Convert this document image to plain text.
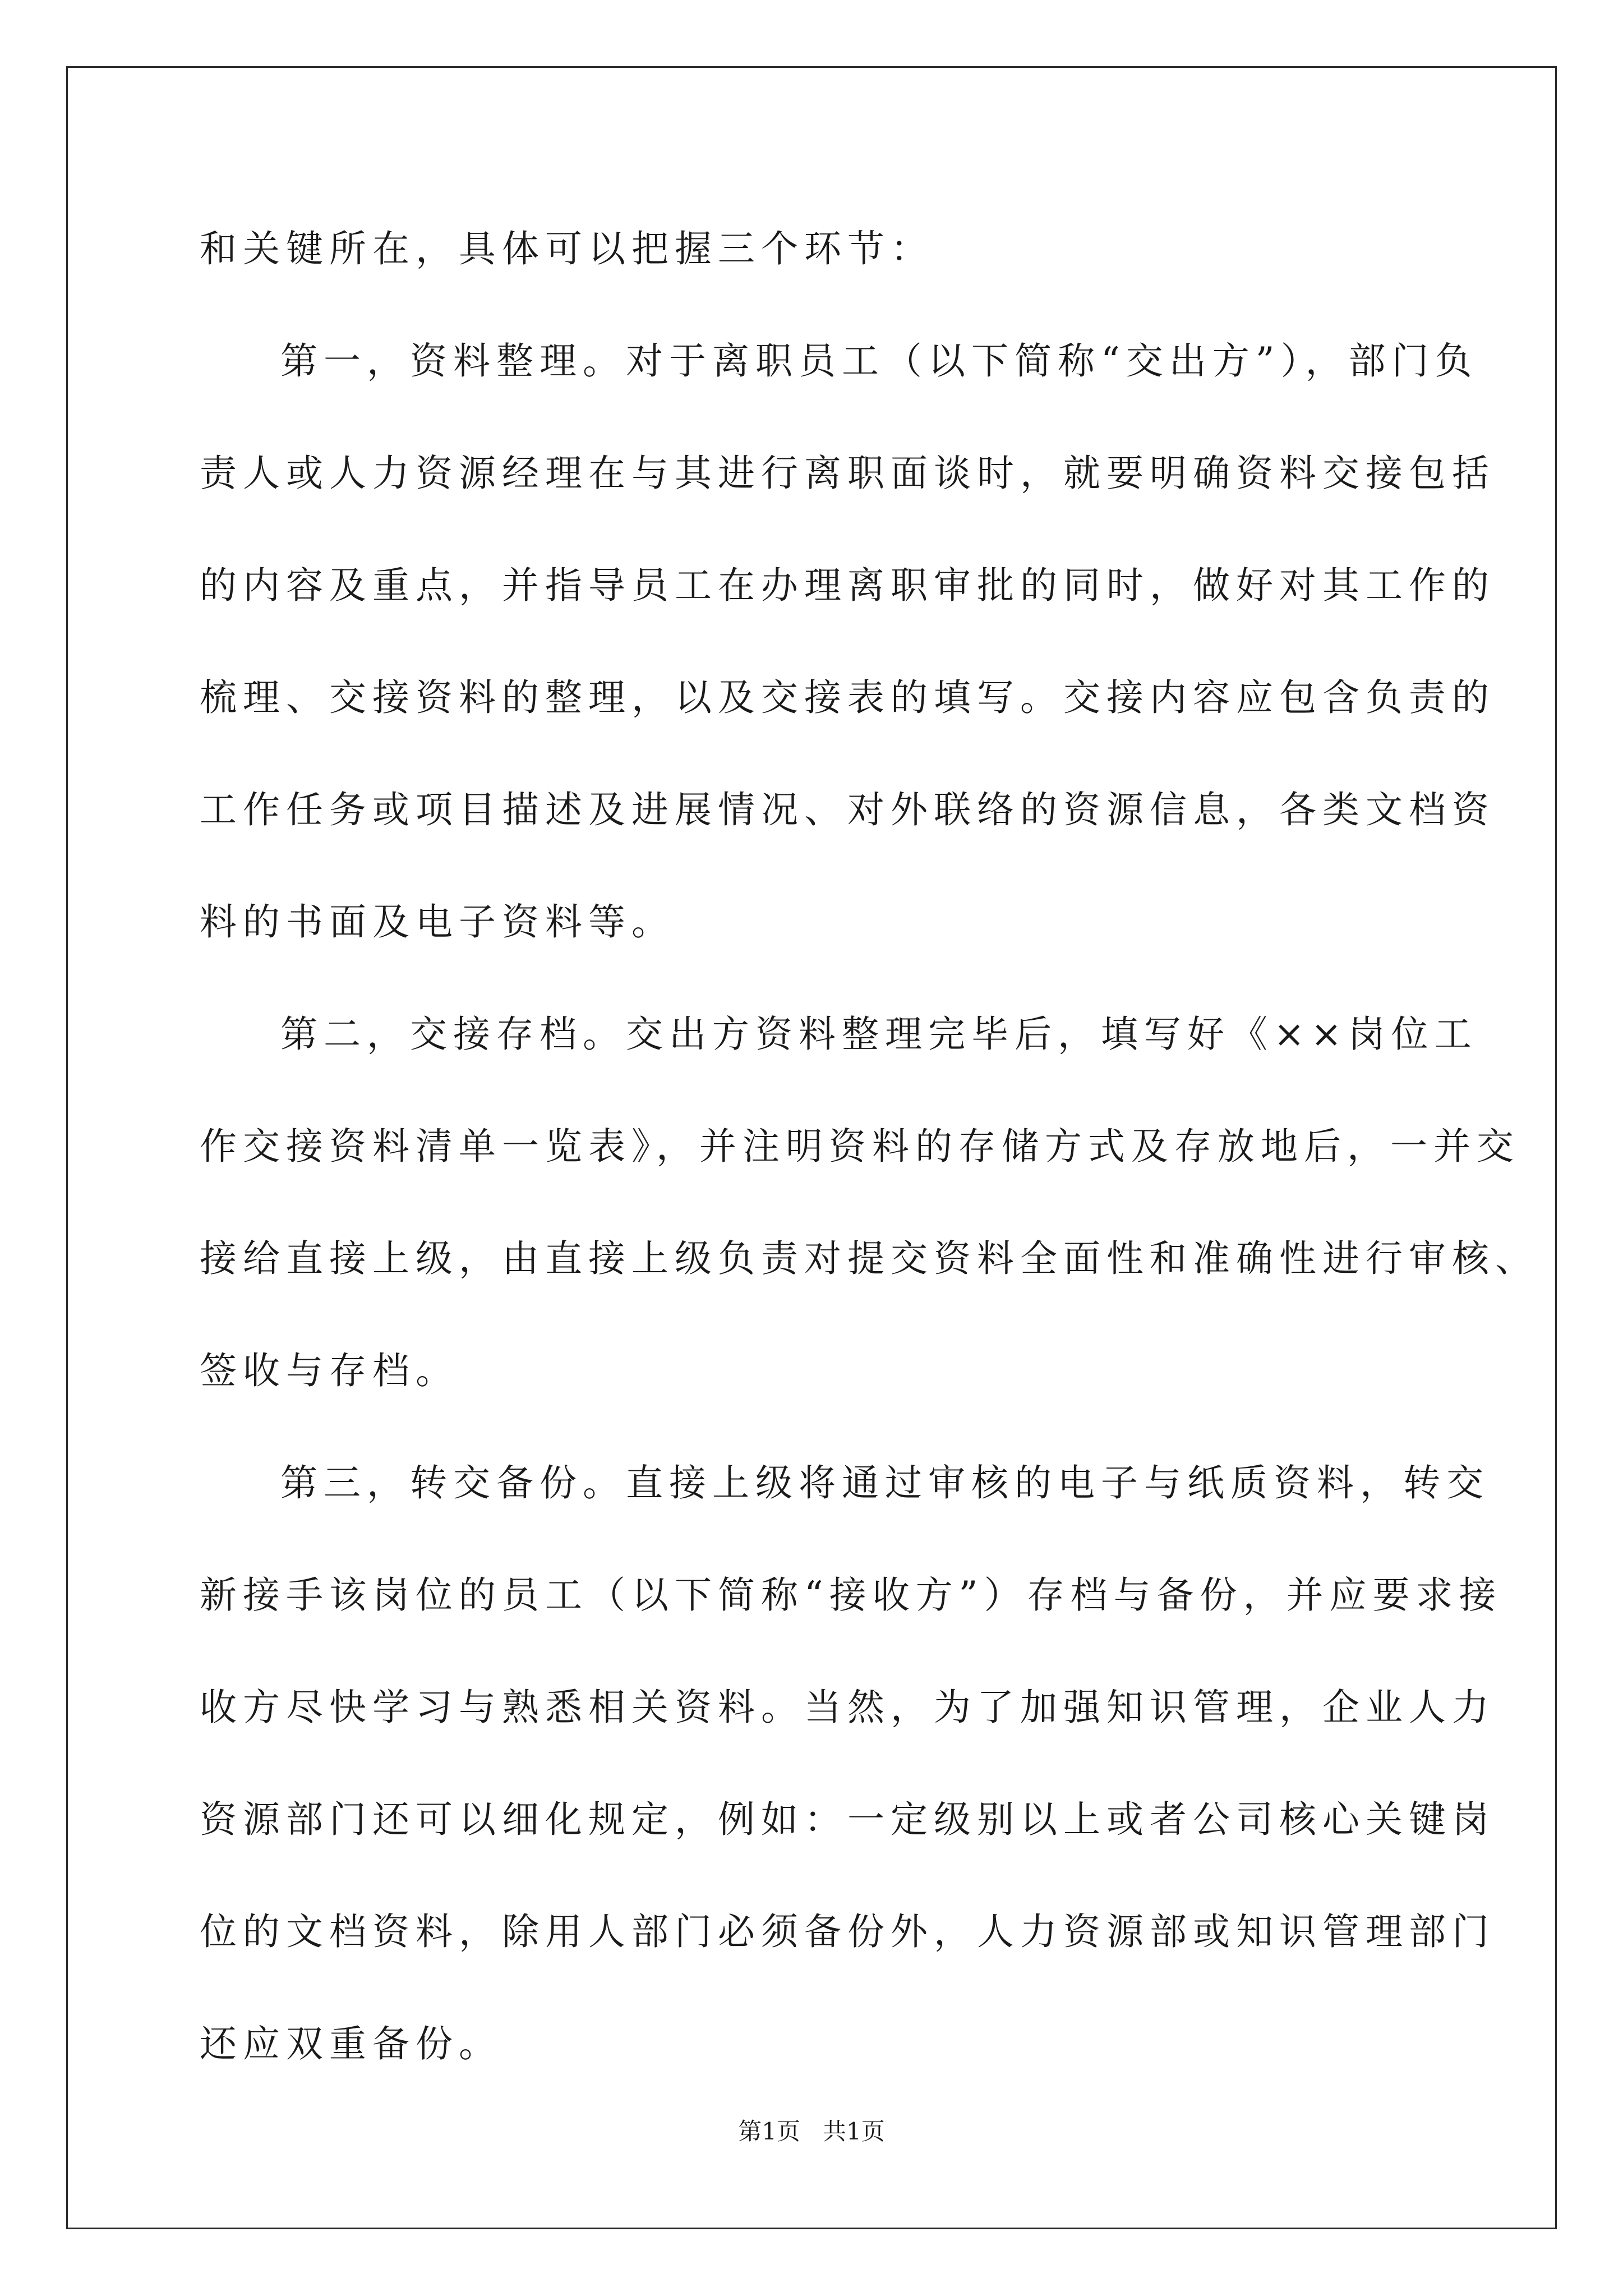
和关键所在，具体可以把握三个环节：

第一，资料整理。对于离职员工（以下简称“交出方”），部门负

责人或人力资源经理在与其进行离职面谈时，就要明确资料交接包括

的内容及重点，并指导员工在办理离职审批的同时，做好对其工作的

梳理、交接资料的整理，以及交接表的填写。交接内容应包含负责的

工作任务或项目描述及进展情况、对外联络的资源信息，各类文档资

料的书面及电子资料等。

第二，交接存档。交出方资料整理完毕后，填写好《××岗位工

作交接资料清单一览表》，并注明资料的存储方式及存放地后，一并交

接给直接上级，由直接上级负责对提交资料全面性和准确性进行审核、

签收与存档。

第三，转交备份。直接上级将通过审核的电子与纸质资料，转交

新接手该岗位的员工（以下简称“接收方”）存档与备份，并应要求接

收方尽快学习与熟悉相关资料。当然，为了加强知识管理，企业人力

资源部门还可以细化规定，例如：一定级别以上或者公司核心关键岗

位的文档资料，除用人部门必须备份外，人力资源部或知识管理部门

还应双重备份。

第1页   共1页
